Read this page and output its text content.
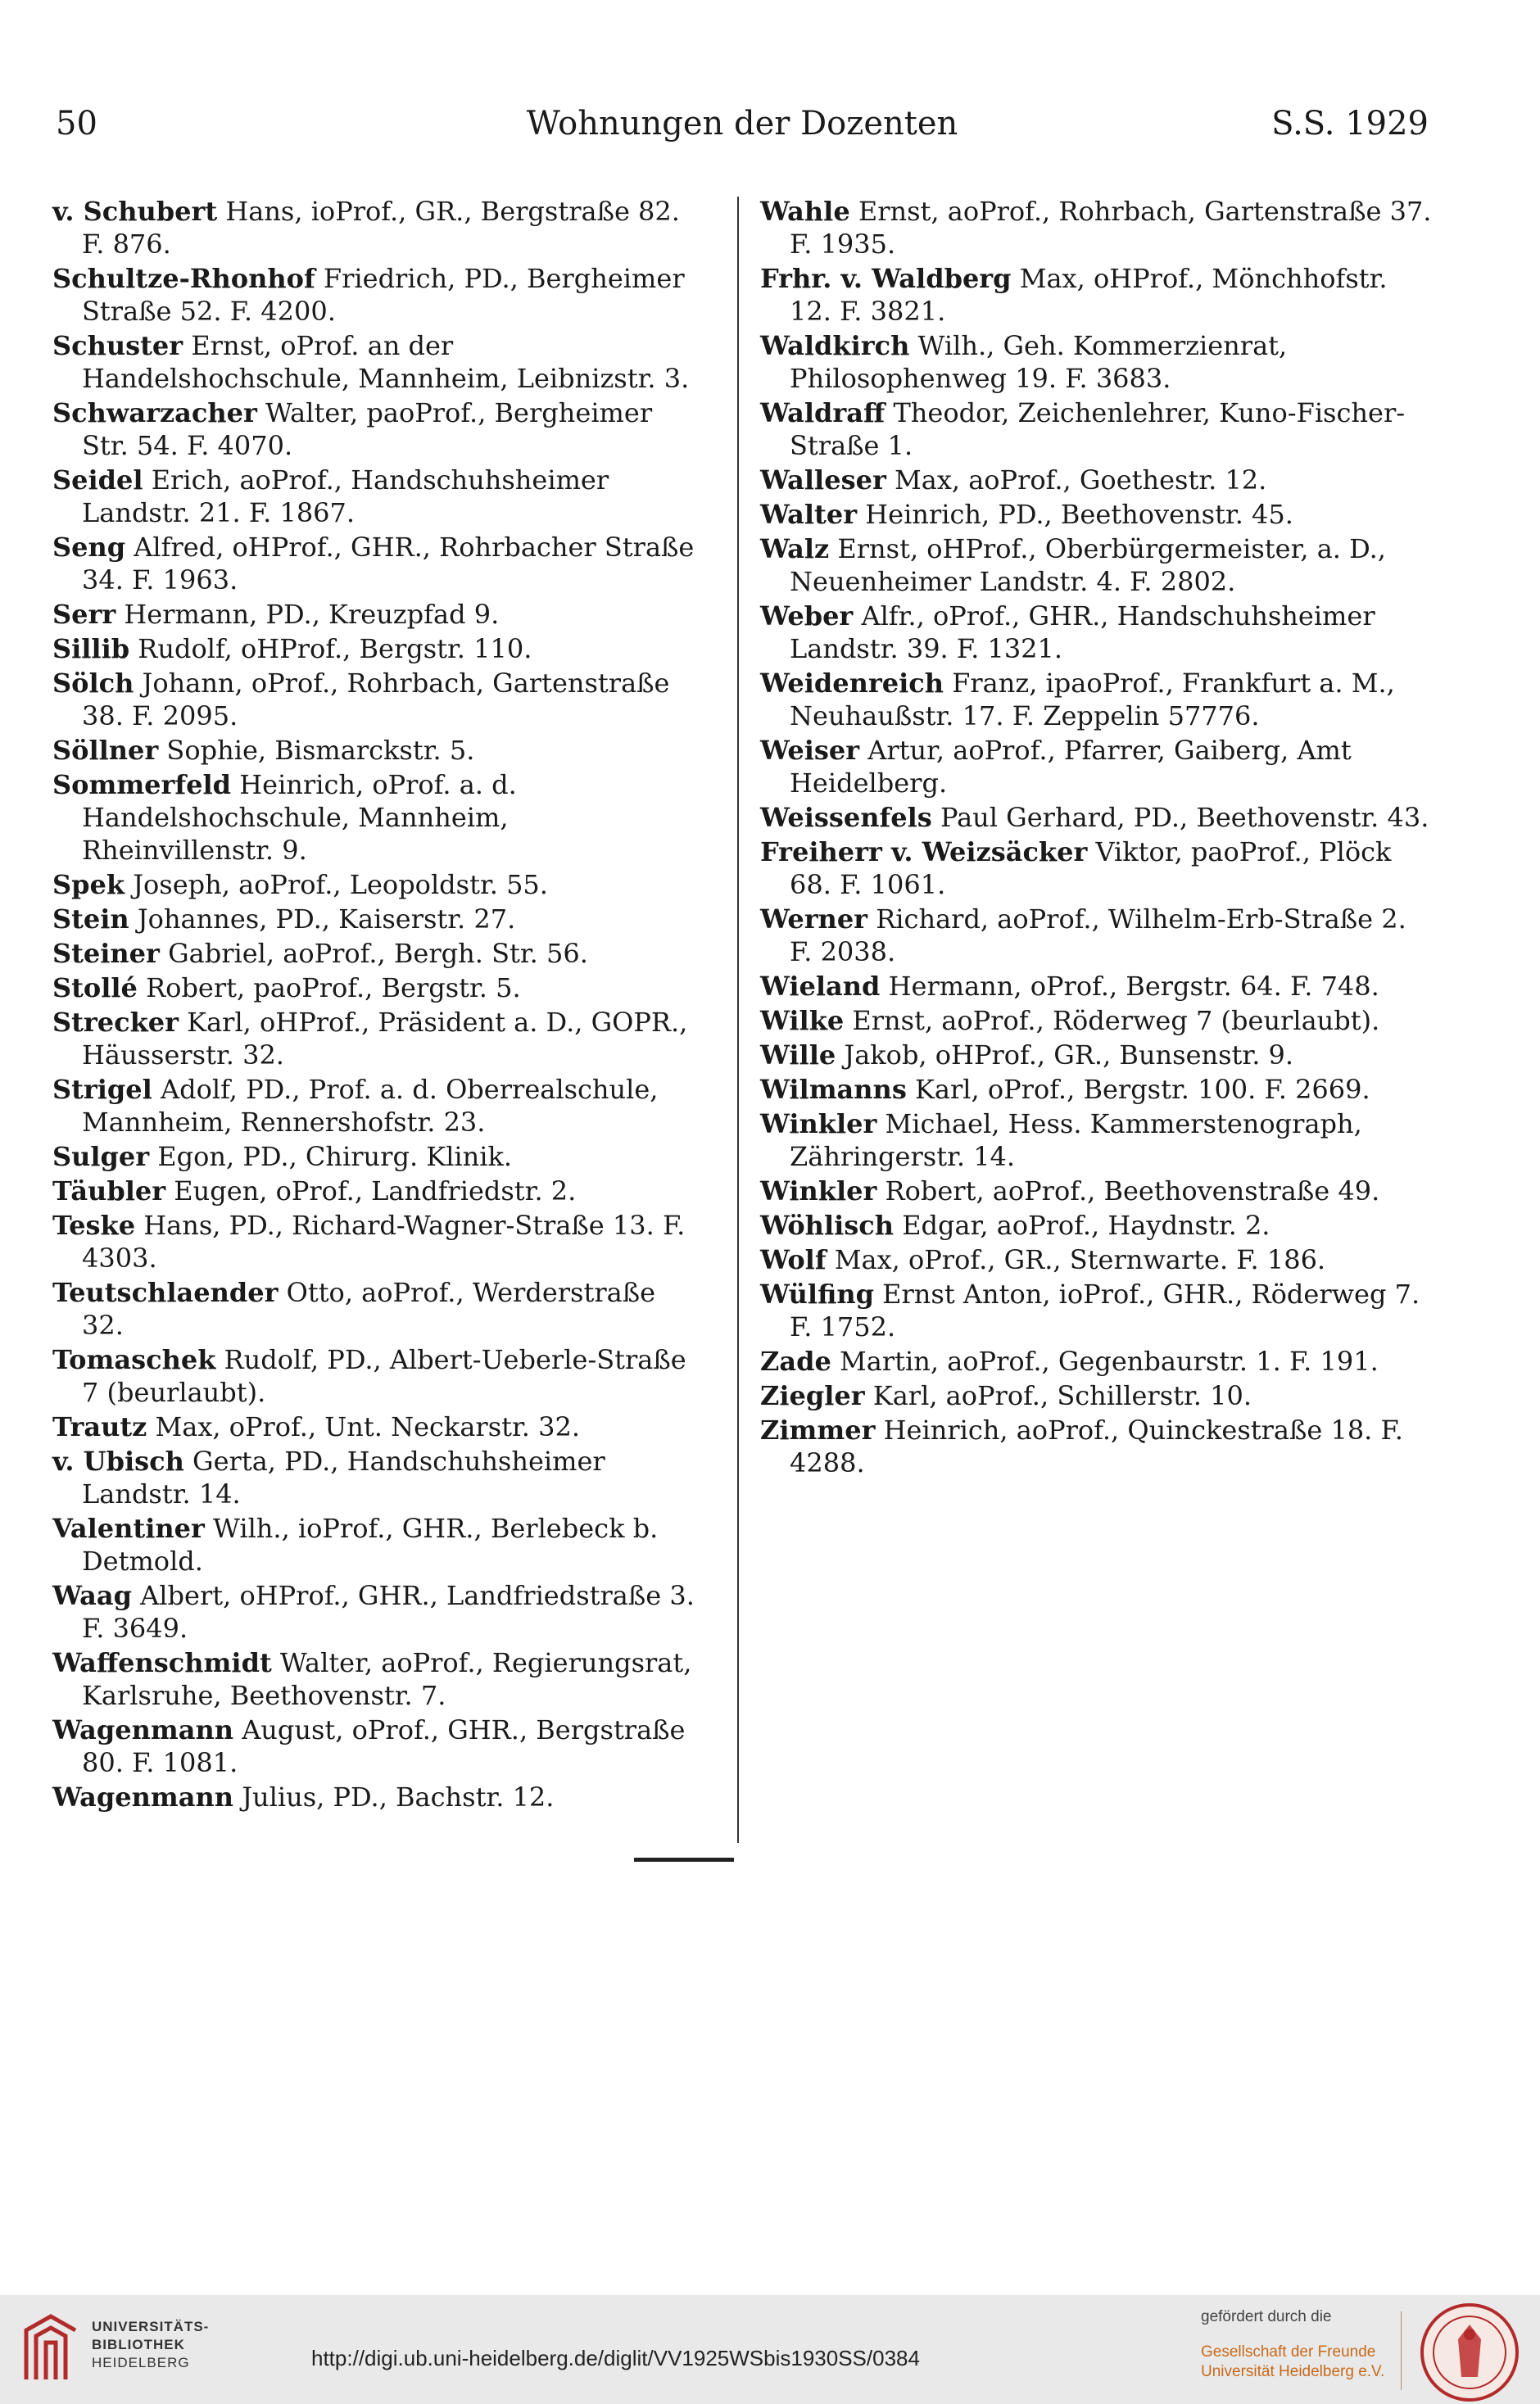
50	Wohnungen der Dozenten	S.S. 1929
v. Schubert Hans, ioProf., GR., Bergstraße 82. F. 876.
Schultze-Rhonhof Friedrich, PD., Bergheimer Straße 52. F. 4200.
Schuster Ernst, oProf. an der Handelshochschule, Mannheim, Leibnizstr. 3.
Schwarzacher Walter, paoProf., Bergheimer Str. 54. F. 4070.
Seidel Erich, aoProf., Handschuhsheimer Landstr. 21. F. 1867.
Seng Alfred, oHProf., GHR., Rohrbacher Straße 34. F. 1963.
Serr Hermann, PD., Kreuzpfad 9.
Sillib Rudolf, oHProf., Bergstr. 110.
Sölch Johann, oProf., Rohrbach, Gartenstraße 38. F. 2095.
Söllner Sophie, Bismarckstr. 5.
Sommerfeld Heinrich, oProf. a. d. Handelshochschule, Mannheim, Rheinvillenstr. 9.
Spek Joseph, aoProf., Leopoldstr. 55.
Stein Johannes, PD., Kaiserstr. 27.
Steiner Gabriel, aoProf., Bergh. Str. 56.
Stollé Robert, paoProf., Bergstr. 5.
Strecker Karl, oHProf., Präsident a. D., GOPR., Häusserstr. 32.
Strigel Adolf, PD., Prof. a. d. Oberrealschule, Mannheim, Rennershofstr. 23.
Sulger Egon, PD., Chirurg. Klinik.
Täubler Eugen, oProf., Landfriedstr. 2.
Teske Hans, PD., Richard-Wagner-Straße 13. F. 4303.
Teutschlaender Otto, aoProf., Werderstraße 32.
Tomaschek Rudolf, PD., Albert-Ueberle-Straße 7 (beurlaubt).
Trautz Max, oProf., Unt. Neckarstr. 32.
v. Ubisch Gerta, PD., Handschuhsheimer Landstr. 14.
Valentiner Wilh., ioProf., GHR., Berlebeck b. Detmold.
Waag Albert, oHProf., GHR., Landfriedstraße 3. F. 3649.
Waffenschmidt Walter, aoProf., Regierungsrat, Karlsruhe, Beethovenstr. 7.
Wagenmann August, oProf., GHR., Bergstraße 80. F. 1081.
Wagenmann Julius, PD., Bachstr. 12.
Wahle Ernst, aoProf., Rohrbach, Gartenstraße 37. F. 1935.
Frhr. v. Waldberg Max, oHProf., Mönchhofstr. 12. F. 3821.
Waldkirch Wilh., Geh. Kommerzienrat, Philosophenweg 19. F. 3683.
Waldraff Theodor, Zeichenlehrer, Kuno-Fischer-Straße 1.
Walleser Max, aoProf., Goethestr. 12.
Walter Heinrich, PD., Beethovenstr. 45.
Walz Ernst, oHProf., Oberbürgermeister, a. D., Neuenheimer Landstr. 4. F. 2802.
Weber Alfr., oProf., GHR., Handschuhsheimer Landstr. 39. F. 1321.
Weidenreich Franz, ipaoProf., Frankfurt a. M., Neuhaußstr. 17. F. Zeppelin 57776.
Weiser Artur, aoProf., Pfarrer, Gaiberg, Amt Heidelberg.
Weissenfels Paul Gerhard, PD., Beethovenstr. 43.
Freiherr v. Weizsäcker Viktor, paoProf., Plöck 68. F. 1061.
Werner Richard, aoProf., Wilhelm-Erb-Straße 2. F. 2038.
Wieland Hermann, oProf., Bergstr. 64. F. 748.
Wilke Ernst, aoProf., Röderweg 7 (beurlaubt).
Wille Jakob, oHProf., GR., Bunsenstr. 9.
Wilmanns Karl, oProf., Bergstr. 100. F. 2669.
Winkler Michael, Hess. Kammerstenograph, Zähringerstr. 14.
Winkler Robert, aoProf., Beethovenstraße 49.
Wöhlisch Edgar, aoProf., Haydnstr. 2.
Wolf Max, oProf., GR., Sternwarte. F. 186.
Wülfing Ernst Anton, ioProf., GHR., Röderweg 7. F. 1752.
Zade Martin, aoProf., Gegenbaurstr. 1. F. 191.
Ziegler Karl, aoProf., Schillerstr. 10.
Zimmer Heinrich, aoProf., Quinckestraße 18. F. 4288.
UNIVERSITÄTS-
BIBLIOTHEK
HEIDELBERG	http://digi.ub.uni-heidelberg.de/diglit/VV1925WSbis1930SS/0384
gefördert durch die
Gesellschaft der Freunde
Universität Heidelberg e.V.
